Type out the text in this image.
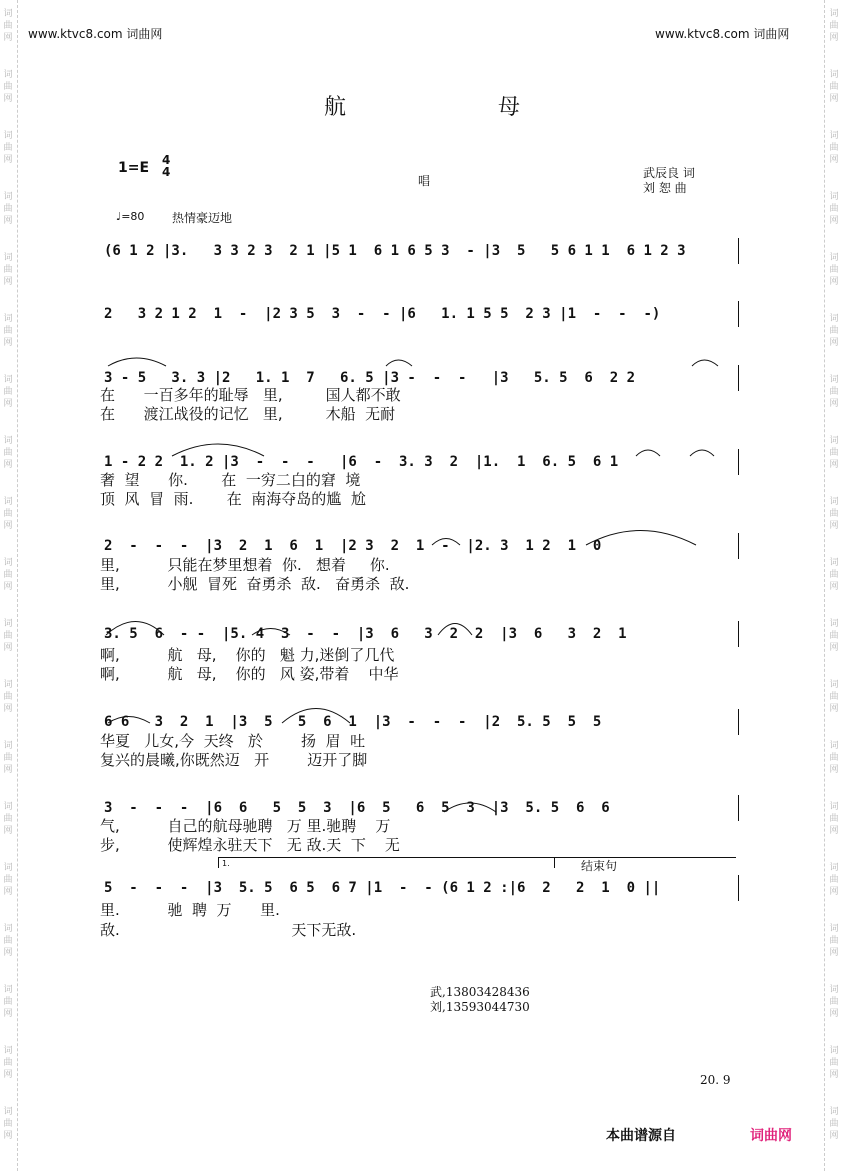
词
曲
网
词
曲
网
词
曲
网
词
曲
网
词
曲
网
词
曲
网
词
曲
网
词
曲
网
词
曲
网
词
曲
网
词
曲
网
词
曲
网
词
曲
网
词
曲
网
词
曲
网
词
曲
网
词
曲
网
词
曲
网
词
曲
网
词
曲
网
词
曲
网
词
曲
网
词
曲
网
词
曲
网
词
曲
网
词
曲
网
词
曲
网
词
曲
网
词
曲
网
词
曲
网
词
曲
网
词
曲
网
词
曲
网
词
曲
网
词
曲
网
词
曲
网
词
曲
网
词
曲
网
www.ktvc8.com 词曲网	www.ktvc8.com 词曲网
航	母
1=E 4
4
唱
武辰良 词
刘 恕 曲
♩=80 热情豪迈地
(6 1 2 |3.   3 3 2 3  2 1 |5 1  6 1 6 5 3  - |3  5   5 6 1 1  6 1 2 3
2   3 2 1 2  1  -  |2 3 5  3  -  - |6   1. 1 5 5  2 3 |1  -  -  -)
3 - 5   3. 3 |2   1. 1  7   6. 5 |3 -  -  -   |3   5. 5  6  2 2
1 - 2 2  1. 2 |3  -  -  -   |6  -  3. 3  2  |1.  1  6. 5  6 1
2  -  -  -  |3  2  1  6  1  |2 3  2  1  -  |2. 3  1 2  1  0
3. 5  6  - -  |5. 4  3  -  -  |3  6   3  2  2  |3  6   3  2  1
6 6   3  2  1  |3  5   5  6  1  |3  -  -  -  |2  5. 5  5  5
3  -  -  -  |6  6   5  5  3  |6  5   6  5  3  |3  5. 5  6  6
5  -  -  -  |3  5. 5  6 5  6 7 |1  -  - (6 1 2 :|6  2   2  1  0 ||
在      一百多年的耻辱   里,         国人都不敢
在      渡江战役的记忆   里,         木船  无耐
奢  望      你.       在  一穷二白的窘  境
顶  风  冒  雨.       在  南海夺岛的尴  尬
里,          只能在梦里想着  你.   想着     你.
里,          小舰  冒死  奋勇杀  敌.   奋勇杀  敌.
啊,          航   母,    你的   魁 力,迷倒了几代
啊,          航   母,    你的   风 姿,带着    中华
华夏   儿女,今  天终   於        扬  眉  吐
复兴的晨曦,你既然迈   开        迈开了脚
气,          自己的航母驰聘   万 里.驰聘    万
步,          使辉煌永驻天下   无 敌.天  下    无
里.          驰  聘  万      里.
敌.                                    天下无敌.
1.	结束句
武,13803428436
刘,13593044730
20. 9
本曲谱源自	词曲网
